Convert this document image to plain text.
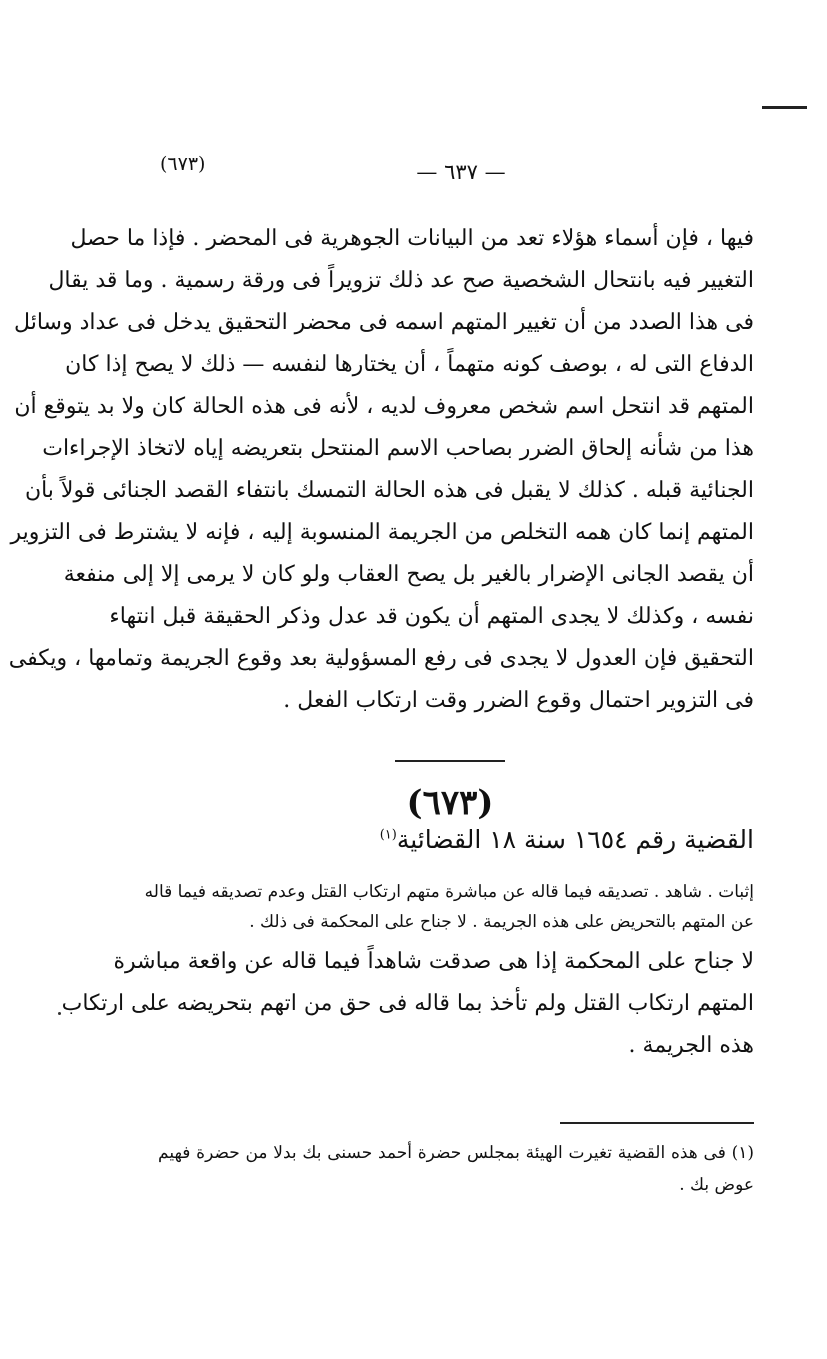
(٦٧٣)	— ٦٣٧ —
فيها ، فإن أسماء هؤلاء تعد من البيانات الجوهرية فى المحضر . فإذا ما حصل
التغيير فيه بانتحال الشخصية صح عد ذلك تزويراً فى ورقة رسمية . وما قد يقال
فى هذا الصدد من أن تغيير المتهم اسمه فى محضر التحقيق يدخل فى عداد وسائل
الدفاع التى له ، بوصف كونه متهماً ، أن يختارها لنفسه — ذلك لا يصح إذا كان
المتهم قد انتحل اسم شخص معروف لديه ، لأنه فى هذه الحالة كان ولا بد يتوقع أن
هذا من شأنه إلحاق الضرر بصاحب الاسم المنتحل بتعريضه إياه لاتخاذ الإجراءات
الجنائية قبله . كذلك لا يقبل فى هذه الحالة التمسك بانتفاء القصد الجنائى قولاً بأن
المتهم إنما كان همه التخلص من الجريمة المنسوبة إليه ، فإنه لا يشترط فى التزوير
أن يقصد الجانى الإضرار بالغير بل يصح العقاب ولو كان لا يرمى إلا إلى منفعة
نفسه ، وكذلك لا يجدى المتهم أن يكون قد عدل وذكر الحقيقة قبل انتهاء
التحقيق فإن العدول لا يجدى فى رفع المسؤولية بعد وقوع الجريمة وتمامها ، ويكفى
فى التزوير احتمال وقوع الضرر وقت ارتكاب الفعل .
(٦٧٣)
القضية رقم ١٦٥٤ سنة ١٨ القضائية$^{(١)}$
إثبات . شاهد . تصديقه فيما قاله عن مباشرة متهم ارتكاب القتل وعدم تصديقه فيما قاله
عن المتهم بالتحريض على هذه الجريمة . لا جناح على المحكمة فى ذلك .
لا جناح على المحكمة إذا هى صدقت شاهداً فيما قاله عن واقعة مباشرة
المتهم ارتكاب القتل ولم تأخذ بما قاله فى حق من اتهم بتحريضه على ارتكاب
هذه الجريمة .
(١) فى هذه القضية تغيرت الهيئة بمجلس حضرة أحمد حسنى بك بدلا من حضرة فهيم
عوض بك .
